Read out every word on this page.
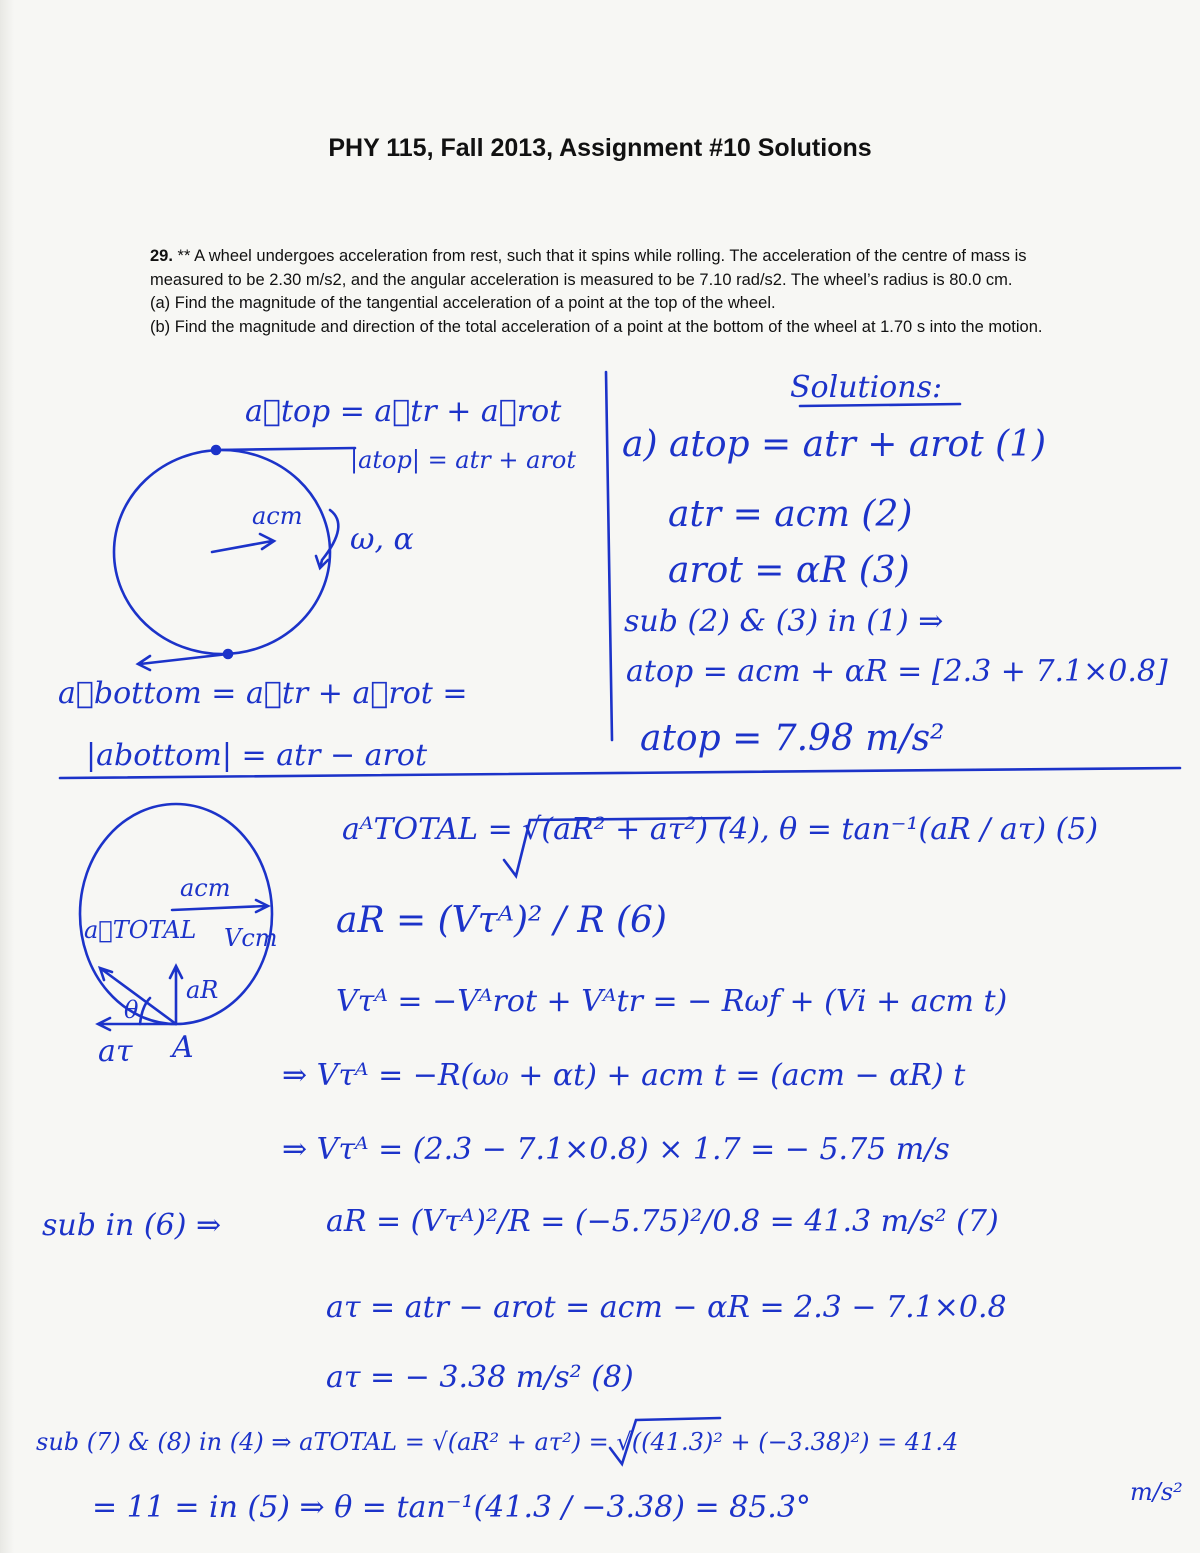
PHY 115, Fall 2013, Assignment #10 Solutions

29. ** A wheel undergoes acceleration from rest, such that it spins while rolling. The acceleration of the centre of mass is measured to be 2.30 m/s2, and the angular acceleration is measured to be 7.10 rad/s2. The wheel’s radius is 80.0 cm.

(a) Find the magnitude of the tangential acceleration of a point at the top of the wheel.

(b) Find the magnitude and direction of the total acceleration of a point at the bottom of the wheel at 1.70 s into the motion.

a⃗top = a⃗tr + a⃗rot
|atop| = atr + arot
acm
ω, α
a⃗bottom = a⃗tr + a⃗rot =
|abottom| = atr − arot
Solutions:
a) atop = atr + arot (1)
atr = acm (2)
arot = αR (3)
sub (2) & (3) in (1) ⇒
atop = acm + αR = [2.3 + 7.1×0.8]
atop = 7.98 m/s²
aᴬTOTAL = √(aR² + aτ²) (4), θ = tan⁻¹(aR / aτ) (5)
aR = (Vτᴬ)² / R (6)
Vτᴬ = −Vᴬrot + Vᴬtr = − Rωf + (Vi + acm t)
⇒ Vτᴬ = −R(ω₀ + αt) + acm t = (acm − αR) t
⇒ Vτᴬ = (2.3 − 7.1×0.8) × 1.7 = − 5.75 m/s
sub in (6) ⇒	aR = (Vτᴬ)²/R = (−5.75)²/0.8 = 41.3 m/s² (7)
aτ = atr − arot = acm − αR = 2.3 − 7.1×0.8
aτ = − 3.38 m/s² (8)
sub (7) & (8) in (4) ⇒ aTOTAL = √(aR² + aτ²) = √((41.3)² + (−3.38)²) = 41.4
m/s²
= 11 = in (5) ⇒ θ = tan⁻¹(41.3 / −3.38) = 85.3°
acm
Vcm
a⃗TOTAL
aR
θ
aτ A
